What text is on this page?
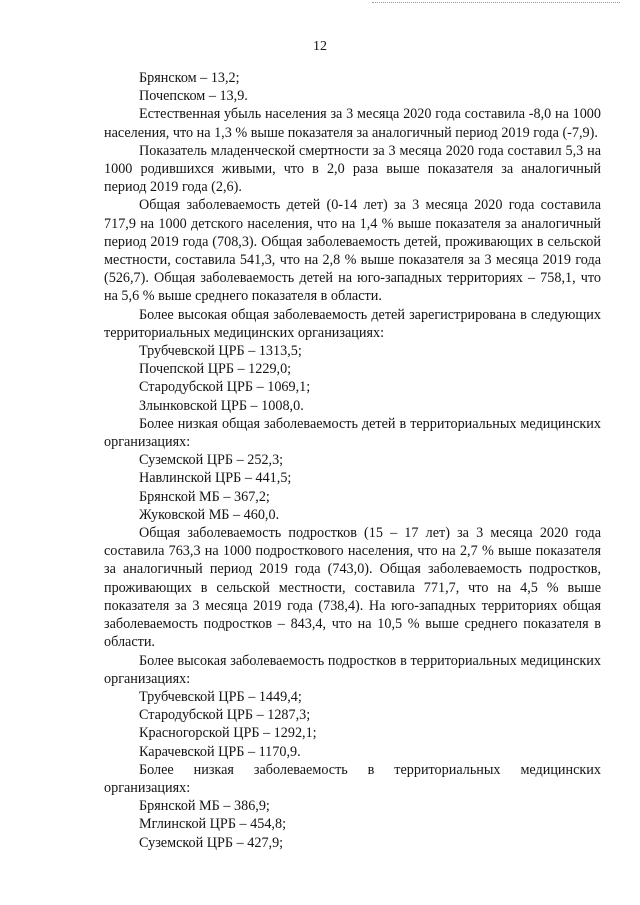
12

Брянском – 13,2;

Почепском – 13,9.

Естественная убыль населения за 3 месяца 2020 года составила -8,0 на 1000 населения, что на 1,3 % выше показателя за аналогичный период 2019 года (-7,9).

Показатель младенческой смертности за 3 месяца 2020 года составил 5,3 на 1000 родившихся живыми, что в 2,0 раза выше показателя за аналогичный период 2019 года (2,6).

Общая заболеваемость детей (0-14 лет) за 3 месяца 2020 года составила 717,9 на 1000 детского населения, что на 1,4 % выше показателя за аналогичный период 2019 года (708,3). Общая заболеваемость детей, проживающих в сельской местности, составила 541,3, что на 2,8 % выше показателя за 3 месяца 2019 года (526,7). Общая заболеваемость детей на юго-западных территориях – 758,1, что на 5,6 % выше среднего показателя в области.

Более высокая общая заболеваемость детей зарегистрирована в следующих территориальных медицинских организациях:

Трубчевской ЦРБ – 1313,5;

Почепской ЦРБ – 1229,0;

Стародубской ЦРБ – 1069,1;

Злынковской ЦРБ – 1008,0.

Более низкая общая заболеваемость детей в территориальных медицинских организациях:

Суземской ЦРБ – 252,3;

Навлинской ЦРБ – 441,5;

Брянской МБ – 367,2;

Жуковской МБ – 460,0.

Общая заболеваемость подростков (15 – 17 лет) за 3 месяца 2020 года составила 763,3 на 1000 подросткового населения, что на 2,7 % выше показателя за аналогичный период 2019 года (743,0). Общая заболеваемость подростков, проживающих в сельской местности, составила 771,7, что на 4,5 % выше показателя за 3 месяца 2019 года (738,4). На юго-западных территориях общая заболеваемость подростков – 843,4, что на 10,5 % выше среднего показателя в области.

Более высокая заболеваемость подростков в территориальных медицинских организациях:

Трубчевской ЦРБ – 1449,4;

Стародубской ЦРБ – 1287,3;

Красногорской ЦРБ – 1292,1;

Карачевской ЦРБ – 1170,9.

Более низкая заболеваемость в территориальных медицинских организациях:

Брянской МБ – 386,9;

Мглинской ЦРБ – 454,8;

Суземской ЦРБ – 427,9;
